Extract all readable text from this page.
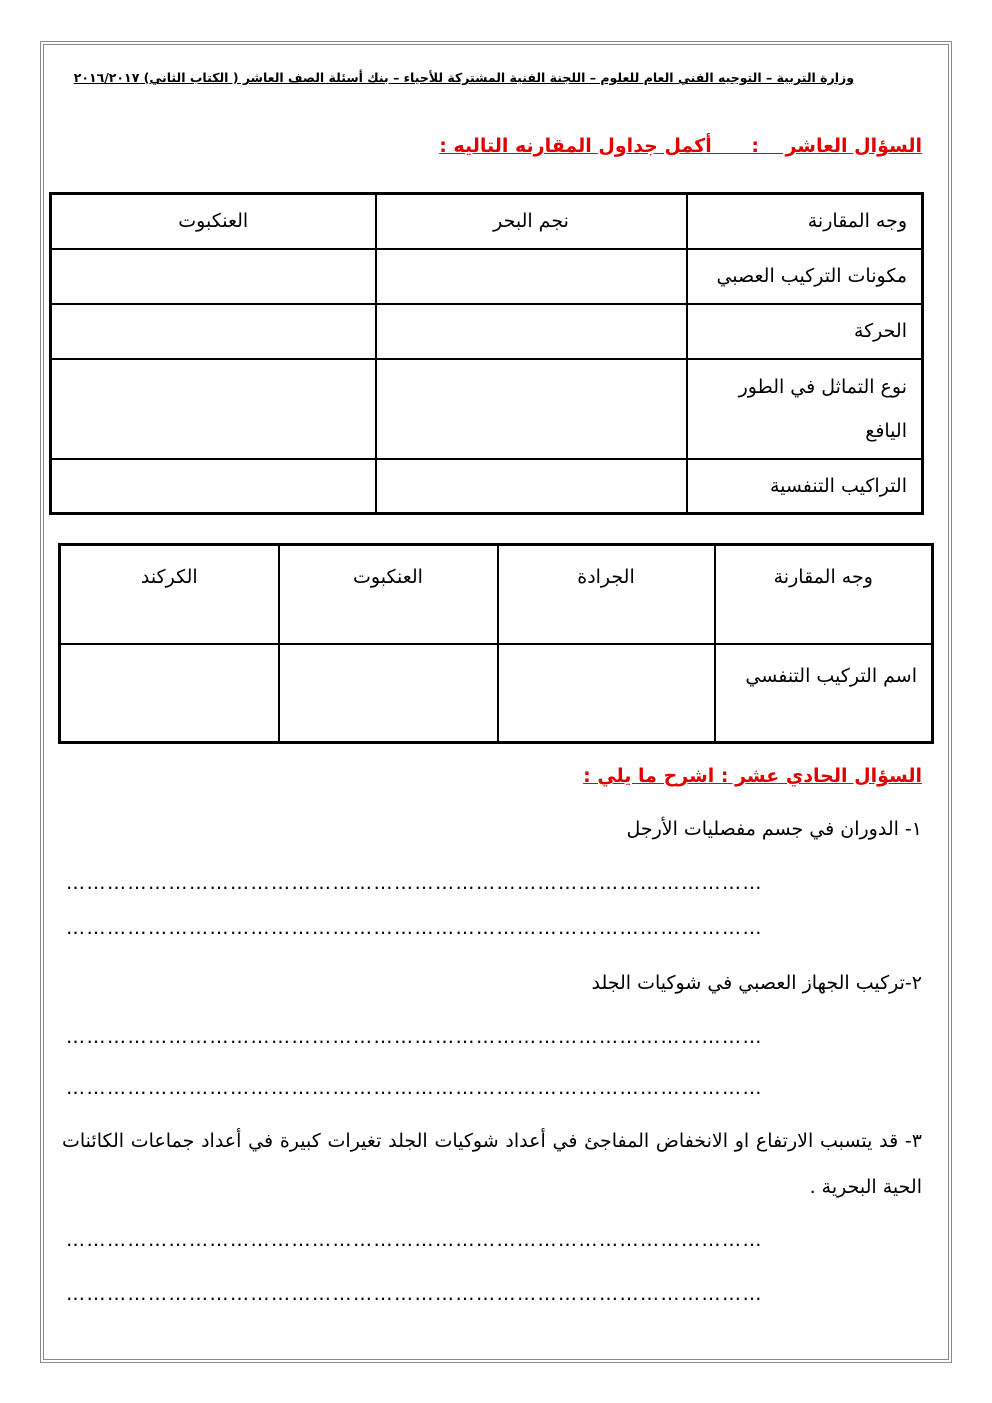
وزارة التربية – التوجيه الفني العام للعلوم – اللجنة الفنية المشتركة للأحياء – بنك أسئلة الصف العاشر ( الكتاب الثاني) ٢٠١٦/٢٠١٧
السؤال العاشر    :      أكمل جداول المقارنه التاليه :
وجه المقارنة	نجم البحر	العنكبوت
مكونات التركيب العصبي		
الحركة		
نوع التماثل في الطور اليافع		
التراكيب التنفسية		
وجه المقارنة	الجرادة	العنكبوت	الكركند
اسم التركيب التنفسي			
السؤال الحادي عشر : اشرح ما يلي :
١- الدوران في جسم مفصليات الأرجل
…………………………………………………………………………………………
…………………………………………………………………………………………
٢-تركيب الجهاز العصبي في شوكيات الجلد
…………………………………………………………………………………………
…………………………………………………………………………………………
٣- قد يتسبب الارتفاع او الانخفاض المفاجئ في أعداد شوكيات الجلد تغيرات كبيرة في أعداد جماعات الكائنات الحية البحرية .
…………………………………………………………………………………………
…………………………………………………………………………………………
